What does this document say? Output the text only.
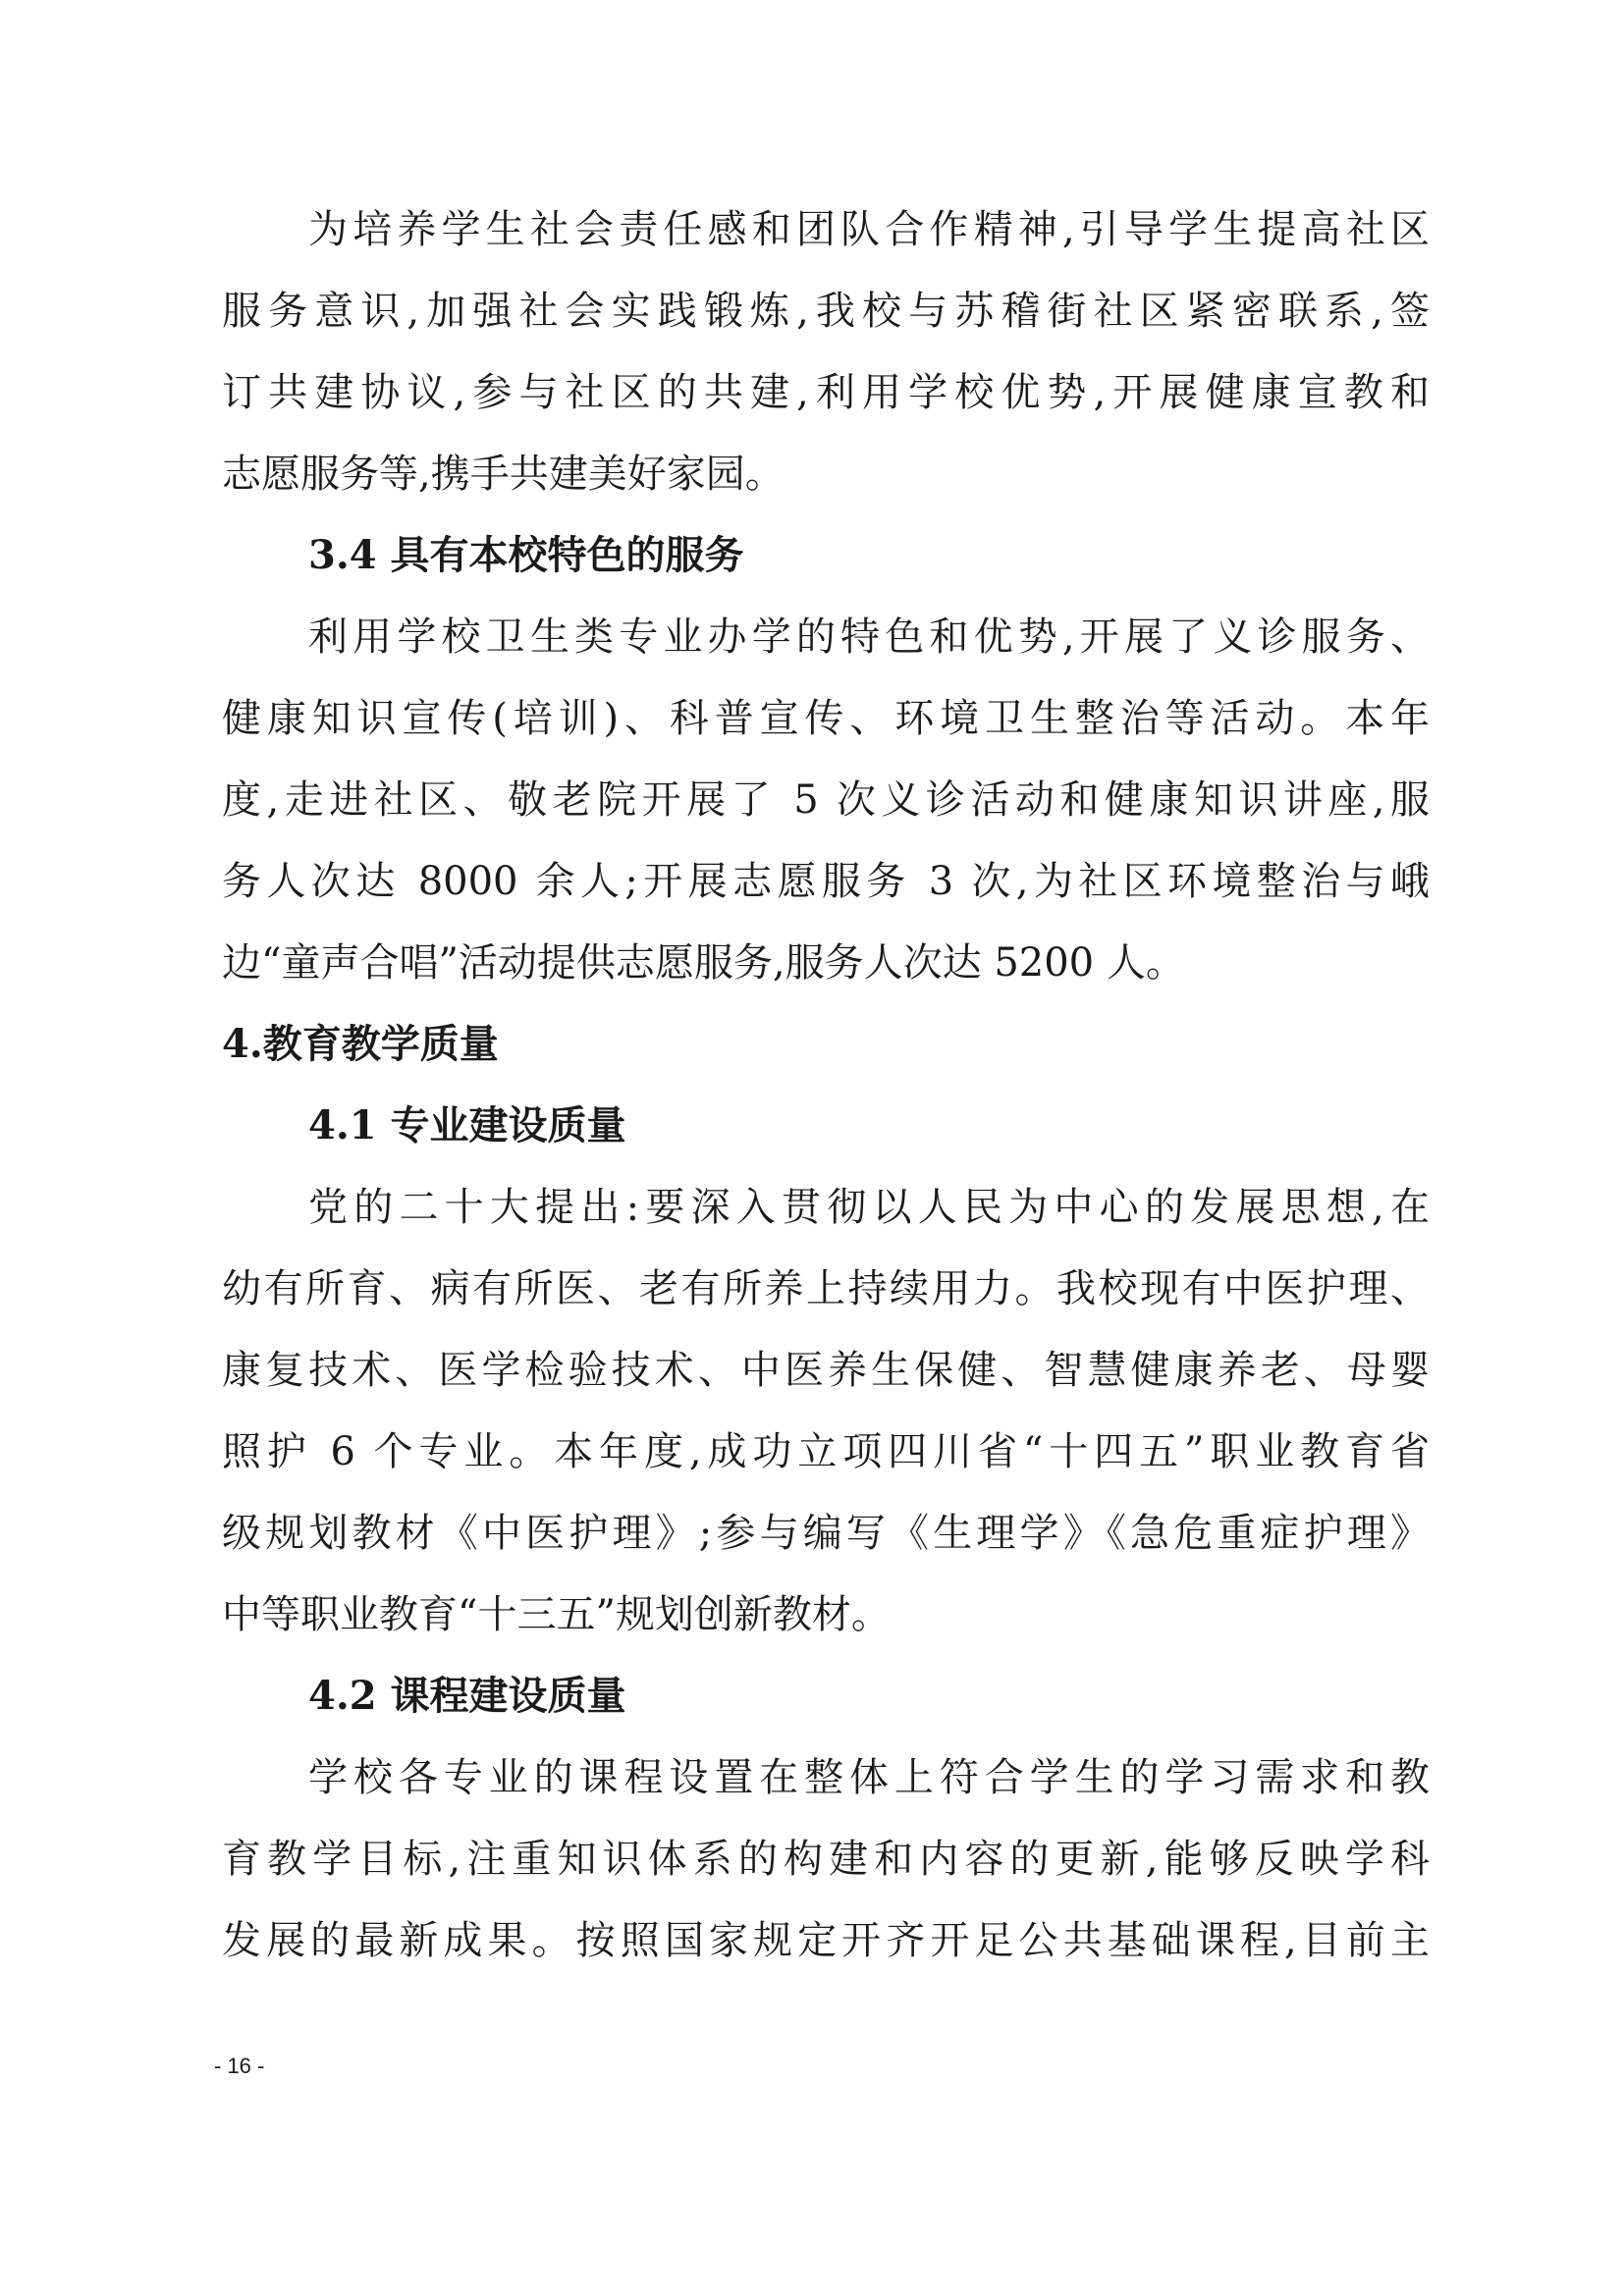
为培养学生社会责任感和团队合作精神,引导学生提高社区
服务意识,加强社会实践锻炼,我校与苏稽街社区紧密联系,签
订共建协议,参与社区的共建,利用学校优势,开展健康宣教和
志愿服务等,携手共建美好家园。
3.4 具有本校特色的服务
利用学校卫生类专业办学的特色和优势,开展了义诊服务、
健康知识宣传(培训)、科普宣传、环境卫生整治等活动。本年
度,走进社区、敬老院开展了 5 次义诊活动和健康知识讲座,服
务人次达 8000 余人;开展志愿服务 3 次,为社区环境整治与峨
边“童声合唱”活动提供志愿服务,服务人次达 5200 人。
4.教育教学质量
4.1 专业建设质量
党的二十大提出:要深入贯彻以人民为中心的发展思想,在
幼有所育、病有所医、老有所养上持续用力。我校现有中医护理、
康复技术、医学检验技术、中医养生保健、智慧健康养老、母婴
照护 6 个专业。本年度,成功立项四川省“十四五”职业教育省
级规划教材《中医护理》;参与编写《生理学》《急危重症护理》
中等职业教育“十三五”规划创新教材。
4.2 课程建设质量
学校各专业的课程设置在整体上符合学生的学习需求和教
育教学目标,注重知识体系的构建和内容的更新,能够反映学科
发展的最新成果。按照国家规定开齐开足公共基础课程,目前主
- 16 -
